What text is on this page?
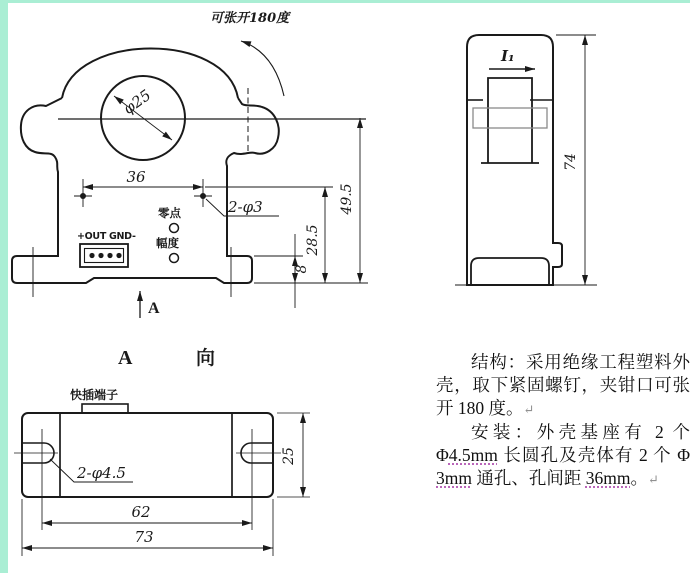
φ25
可张开180度
36
2-φ3
零点
幅度
+OUT GND-	28.5
8
49.5
A
I₁
74
A	向
快插端子
2-φ4.5
62
73
25

结构：采用绝缘工程塑料外壳，取下紧固螺钉，夹钳口可张开 180 度。↵

安装：外壳基座有 2 个 Φ4.5mm 长圆孔及壳体有 2 个 Φ 3mm 通孔、孔间距 36mm。↵
